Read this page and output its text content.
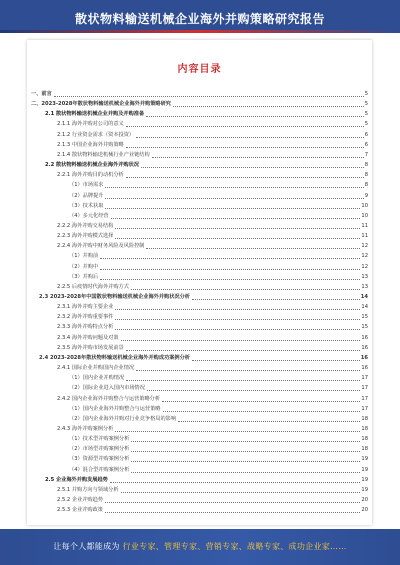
散状物料输送机械企业海外并购策略研究报告
内容目录
一、前言	5
二、2023-2028年散状物料输送机械企业海外并购策略研究	5
2.1 散状物料输送机械企业并购及并购准备	5
2.1.1 海外并购对公司的意义	5
2.1.2 行业资金需求（资本投资）	6
2.1.3 中国企业海外并购策略	6
2.1.4 散状物料输送机械行业产业链结构	7
2.2 散状物料输送机械企业海外并购状况	8
2.2.1 海外并购目的动机分析	8
（1）市场需求	8
（2）品牌提升	9
（3）技术获取	10
（4）多元化经营	10
2.2.2 海外并购交易结构	11
2.2.3 海外并购模式选择	11
2.2.4 海外并购中财务风险及风险控制	12
（1）并购前	12
（2）并购中	12
（3）并购后	13
2.2.5 后疫情时代海外并购方式	13
2.3 2023-2028年中国散状物料输送机械企业海外并购状况分析	14
2.3.1 海外并购主要企业	14
2.3.2 海外并购重要事件	15
2.3.3 海外并购特点分析	15
2.3.4 海外并购问题及对策	16
2.3.5 海外并购市场发展前景	16
2.4 2023-2028年散状物料输送机械企业海外并购成功案例分析	16
2.4.1 国际企业并购国内企业情况	16
（1）国内企业并购情况	17
（2）国际企业进入国内市场情况	17
2.4.2 国内企业海外并购整合与运营策略分析	17
（1）国内企业海外并购整合与运营策略	17
（2）国内企业海外并购对行业竞争格局的影响	18
2.4.3 海外并购案例分析	18
（1）技术型并购案例分析	18
（2）市场型并购案例分析	18
（3）资源型并购案例分析	19
（4）混合型并购案例分析	19
2.5 企业海外并购发展趋势	19
2.5.1 并购方向与领域分析	19
2.5.2 企业并购趋势	20
2.5.3 企业并购政策	20
让每个人都能成为 行业专家、管理专家、营销专家、战略专家、成功企业家……
